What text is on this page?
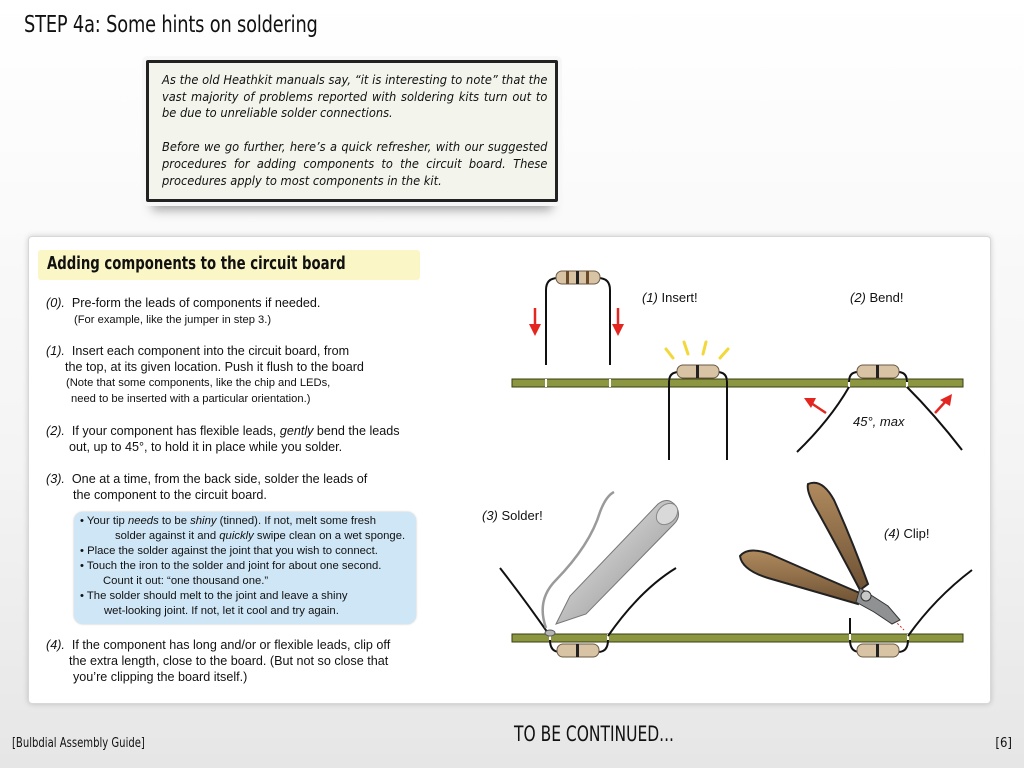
STEP 4a: Some hints on soldering

As the old Heathkit manuals say, “it is interesting to note” that the vast majority of problems reported with soldering kits turn out to be due to unreliable solder connections.

Before we go further, here’s a quick refresher, with our suggested procedures for adding components to the circuit board. These procedures apply to most components in the kit.

Adding components to the circuit board
(0). Pre-form the leads of components if needed.
(For example, like the jumper in step 3.)
(1). Insert each component into the circuit board, from
the top, at its given location. Push it flush to the board
(Note that some components, like the chip and LEDs,
need to be inserted with a particular orientation.)
(2). If your component has flexible leads, gently bend the leads
out, up to 45°, to hold it in place while you solder.
(3). One at a time, from the back side, solder the leads of
the component to the circuit board.
(4). If the component has long and/or or flexible leads, clip off
the extra length, close to the board. (But not so close that
you’re clipping the board itself.)
• Your tip needs to be shiny (tinned). If not, melt some fresh
solder against it and quickly swipe clean on a wet sponge.
• Place the solder against the joint that you wish to connect.
• Touch the iron to the solder and joint for about one second.
Count it out: “one thousand one.”
• The solder should melt to the joint and leave a shiny
wet-looking joint. If not, let it cool and try again.
(1) Insert!	(2) Bend!
45°, max
(3) Solder!
(4) Clip!
[Bulbdial Assembly Guide]	TO BE CONTINUED...	[6]
